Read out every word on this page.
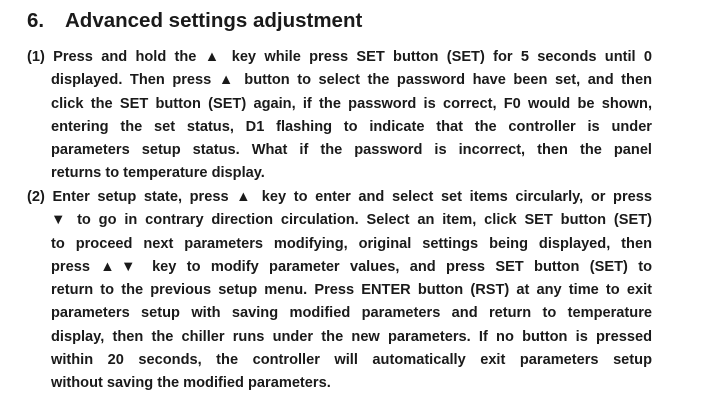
6. Advanced settings adjustment
(1) Press and hold the ▲ key while press SET button (SET) for 5 seconds until 0
displayed. Then press ▲ button to select the password have been set, and then
click the SET button (SET) again, if the password is correct, F0 would be shown,
entering the set status, D1 flashing to indicate that the controller is under
parameters setup status. What if the password is incorrect, then the panel
returns to temperature display.
(2) Enter setup state, press ▲ key to enter and select set items circularly, or press
▼ to go in contrary direction circulation. Select an item, click SET button (SET)
to proceed next parameters modifying, original settings being displayed, then
press ▲▼ key to modify parameter values, and press SET button (SET) to
return to the previous setup menu. Press ENTER button (RST) at any time to exit
parameters setup with saving modified parameters and return to temperature
display, then the chiller runs under the new parameters. If no button is pressed
within 20 seconds, the controller will automatically exit parameters setup
without saving the modified parameters.
